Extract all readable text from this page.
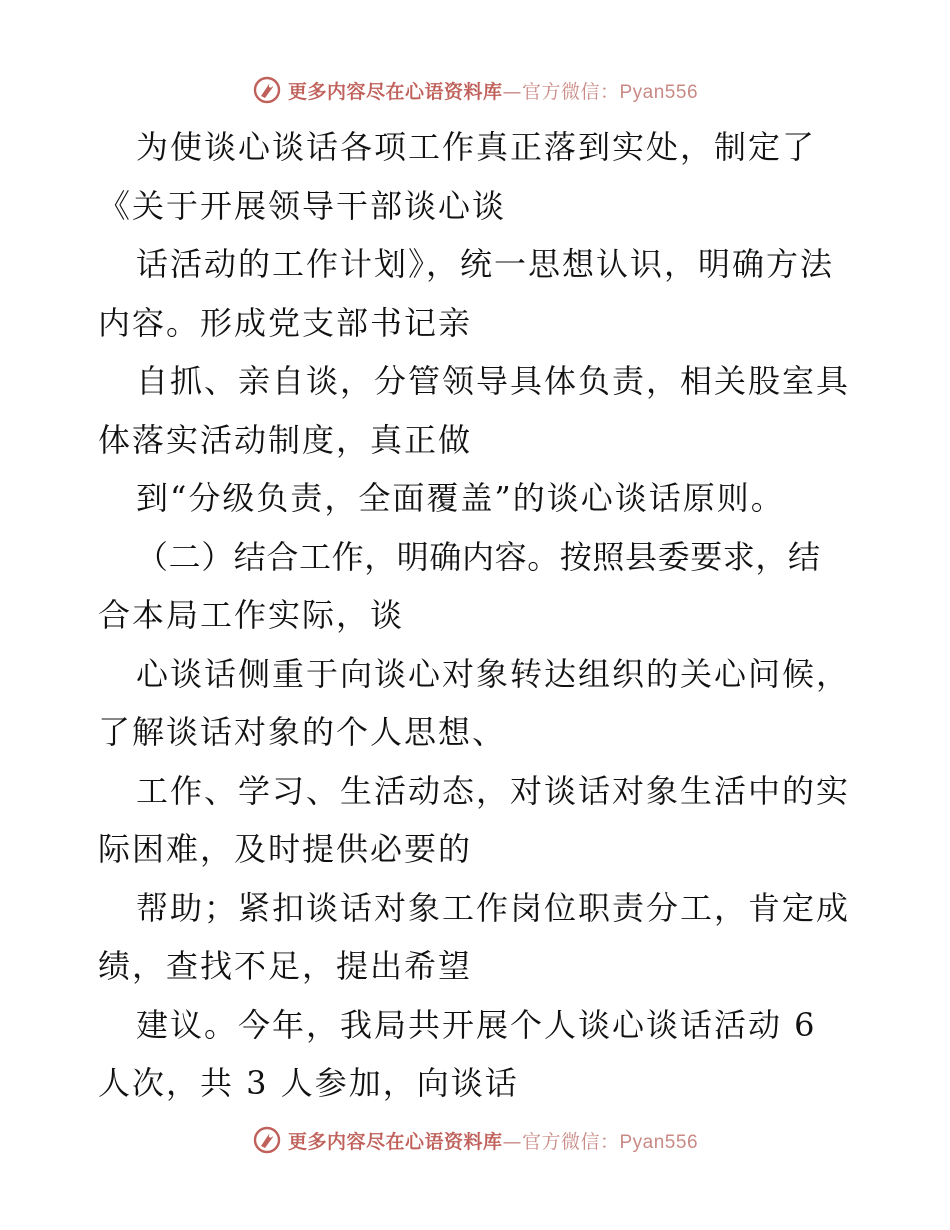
更多内容尽在心语资料库—官方微信：Pyan556
为使谈心谈话各项工作真正落到实处，制定了
《关于开展领导干部谈心谈
话活动的工作计划》，统一思想认识，明确方法
内容。形成党支部书记亲
自抓、亲自谈，分管领导具体负责，相关股室具
体落实活动制度，真正做
到“分级负责，全面覆盖”的谈心谈话原则。
（二）结合工作，明确内容。按照县委要求，结
合本局工作实际，谈
心谈话侧重于向谈心对象转达组织的关心问候，
了解谈话对象的个人思想、
工作、学习、生活动态，对谈话对象生活中的实
际困难，及时提供必要的
帮助；紧扣谈话对象工作岗位职责分工，肯定成
绩，查找不足，提出希望
建议。今年，我局共开展个人谈心谈话活动 6
人次，共 3 人参加，向谈话
更多内容尽在心语资料库—官方微信：Pyan556
